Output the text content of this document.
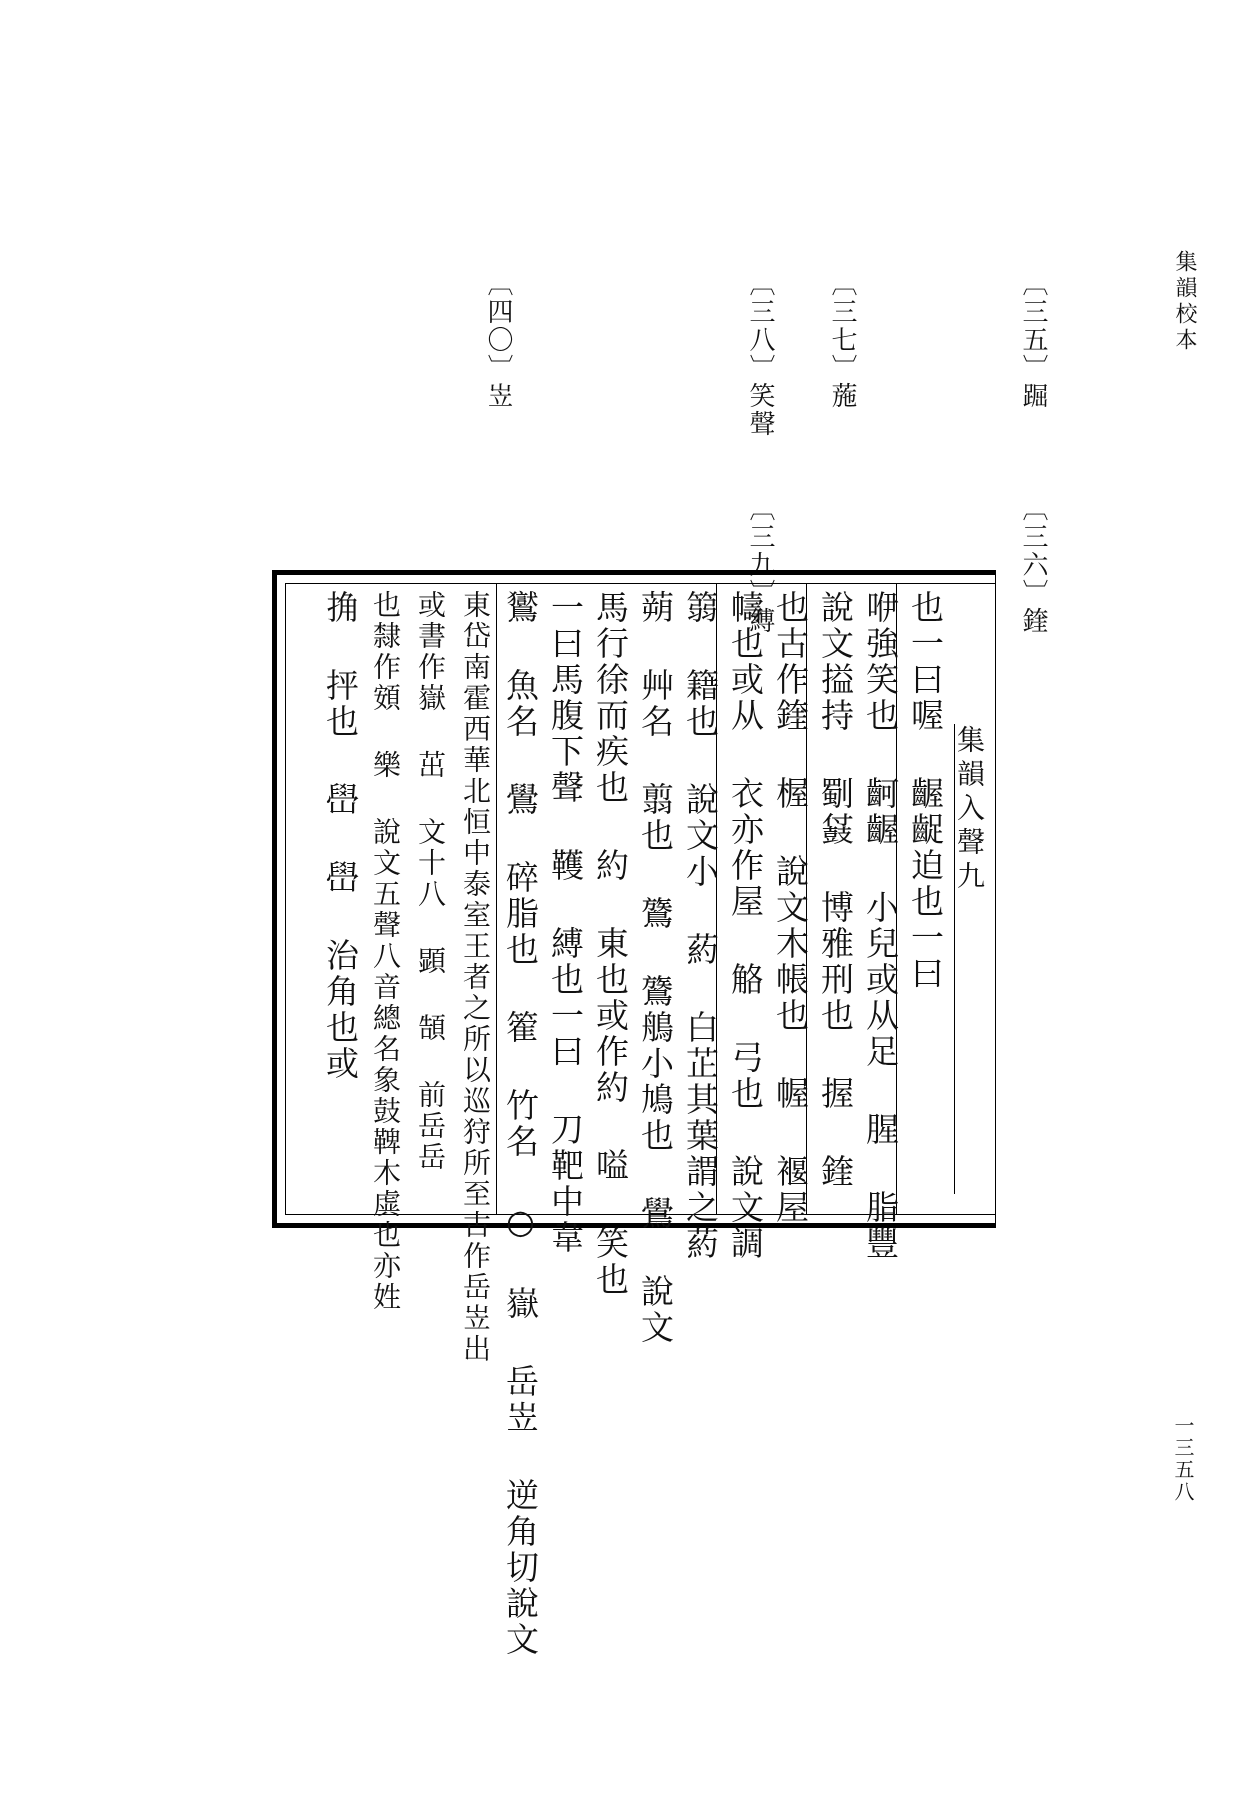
集韻校本
一三五八
〔三五〕䠇
〔三六〕鍷
〔三七〕葹
〔三八〕笑聲
〔三九〕縛
〔四〇〕岦
也一曰喔 齷齪迫也一曰
咿強笑也 䶗齷 小兒或从足 腥 脂豐
說文搤持 劅䵾 博雅刑也 握 鍷
也古作鍷 楃 說文木帳也 幄 褗屋
幬也或从 衣亦作屋 觡 弓也 說文調
篛 籍也 說文小 葯 白芷其葉謂之葯
蒴 艸名 翦也 鷟 鷟鵃小鳩也 鷽 說文
馬行徐而疾也 約 東也或作約 嗌 笑也
一曰馬腹下聲 韄 縛也一曰 刀靶中韋
鸑 魚名 鷽 碎脂也 篧 竹名 ○ 嶽 岳岦 逆角切說文
東岱南霍西華北恒中泰室王者之所以巡狩所至古作岳岦出
或書作嶽 茁 文十八 顕 頶 前岳岳
也隸作頞 樂 說文五聲八音總名象鼓鞞木虡也亦姓
捔 抨也 嶨 嶨 治角也或	集韻入聲九
